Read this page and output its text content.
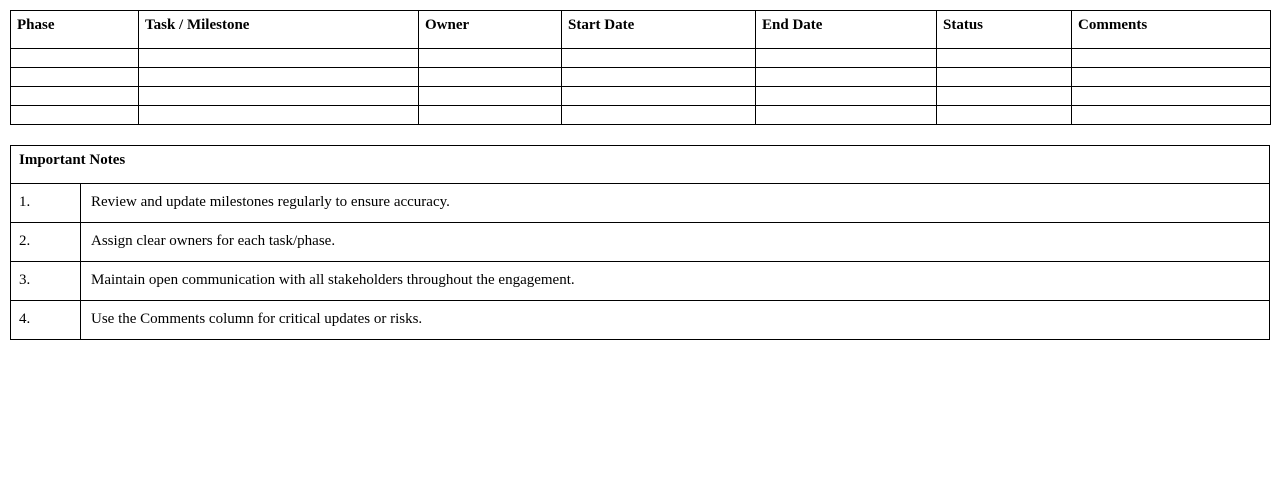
Phase	Task / Milestone	Owner	Start Date	End Date	Status	Comments

Important Notes	
1.	Review and update milestones regularly to ensure accuracy.
2.	Assign clear owners for each task/phase.
3.	Maintain open communication with all stakeholders throughout the engagement.
4.	Use the Comments column for critical updates or risks.
